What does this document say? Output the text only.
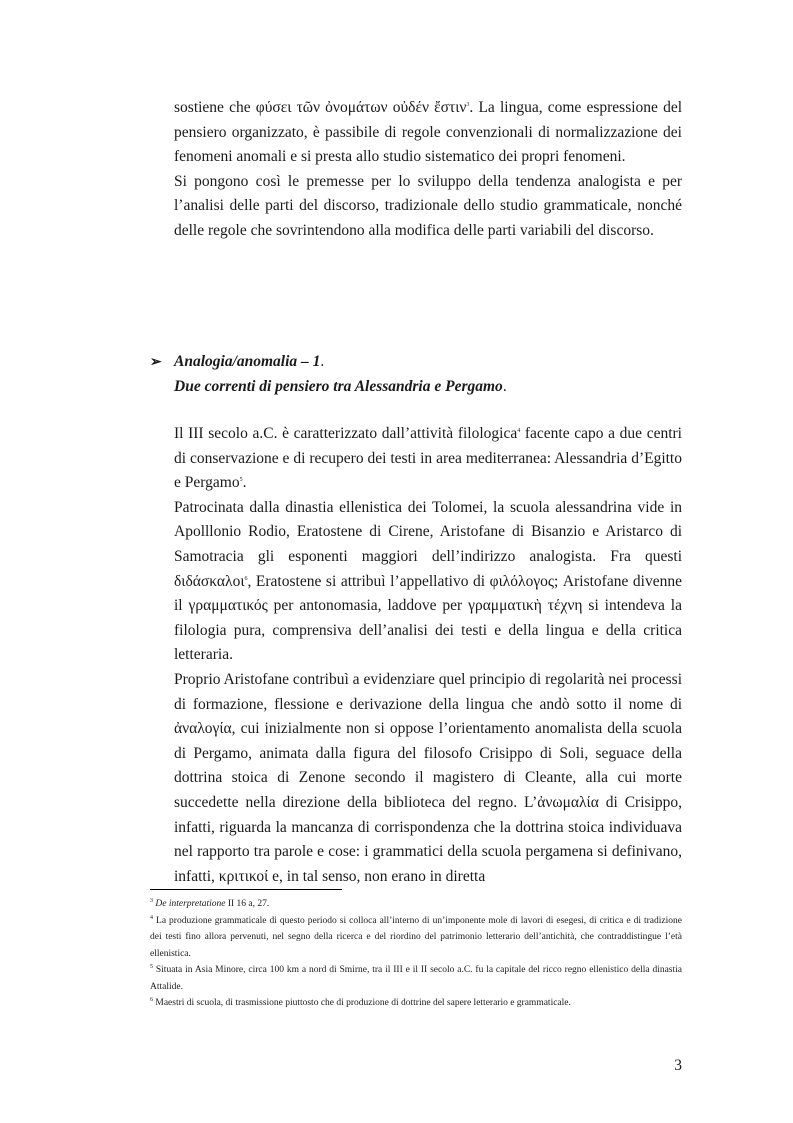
sostiene che φύσει τῶν ὀνομάτων οὐδέν ἔστιν$^3$. La lingua, come espressione del pensiero organizzato, è passibile di regole convenzionali di normalizzazione dei fenomeni anomali e si presta allo studio sistematico dei propri fenomeni.

Si pongono così le premesse per lo sviluppo della tendenza analogista e per l’analisi delle parti del discorso, tradizionale dello studio grammaticale, nonché delle regole che sovrintendono alla modifica delle parti variabili del discorso.

➢ Analogia/anomalia – 1.
Due correnti di pensiero tra Alessandria e Pergamo.

Il III secolo a.C. è caratterizzato dall’attività filologica$^4$ facente capo a due centri di conservazione e di recupero dei testi in area mediterranea: Alessandria d’Egitto e Pergamo$^5$.

Patrocinata dalla dinastia ellenistica dei Tolomei, la scuola alessandrina vide in Apolllonio Rodio, Eratostene di Cirene, Aristofane di Bisanzio e Aristarco di Samotracia gli esponenti maggiori dell’indirizzo analogista. Fra questi διδάσκαλοι$^6$, Eratostene si attribuì l’appellativo di φιλόλογος; Aristofane divenne il γραμματικός per antonomasia, laddove per γραμματικὴ τέχνη si intendeva la filologia pura, comprensiva dell’analisi dei testi e della lingua e della critica letteraria.

Proprio Aristofane contribuì a evidenziare quel principio di regolarità nei processi di formazione, flessione e derivazione della lingua che andò sotto il nome di ἀναλογία, cui inizialmente non si oppose l’orientamento anomalista della scuola di Pergamo, animata dalla figura del filosofo Crisippo di Soli, seguace della dottrina stoica di Zenone secondo il magistero di Cleante, alla cui morte succedette nella direzione della biblioteca del regno. L’ἀνωμαλία di Crisippo, infatti, riguarda la mancanza di corrispondenza che la dottrina stoica individuava nel rapporto tra parole e cose: i grammatici della scuola pergamena si definivano, infatti, κριτικοί e, in tal senso, non erano in diretta

$^3$ De interpretatione II 16 a, 27.

$^4$ La produzione grammaticale di questo periodo si colloca all’interno di un’imponente mole di lavori di esegesi, di critica e di tradizione dei testi fino allora pervenuti, nel segno della ricerca e del riordino del patrimonio letterario dell’antichità, che contraddistingue l’età ellenistica.

$^5$ Situata in Asia Minore, circa 100 km a nord di Smirne, tra il III e il II secolo a.C. fu la capitale del ricco regno ellenistico della dinastia Attalide.

$^6$ Maestri di scuola, di trasmissione piuttosto che di produzione di dottrine del sapere letterario e grammaticale.

3
